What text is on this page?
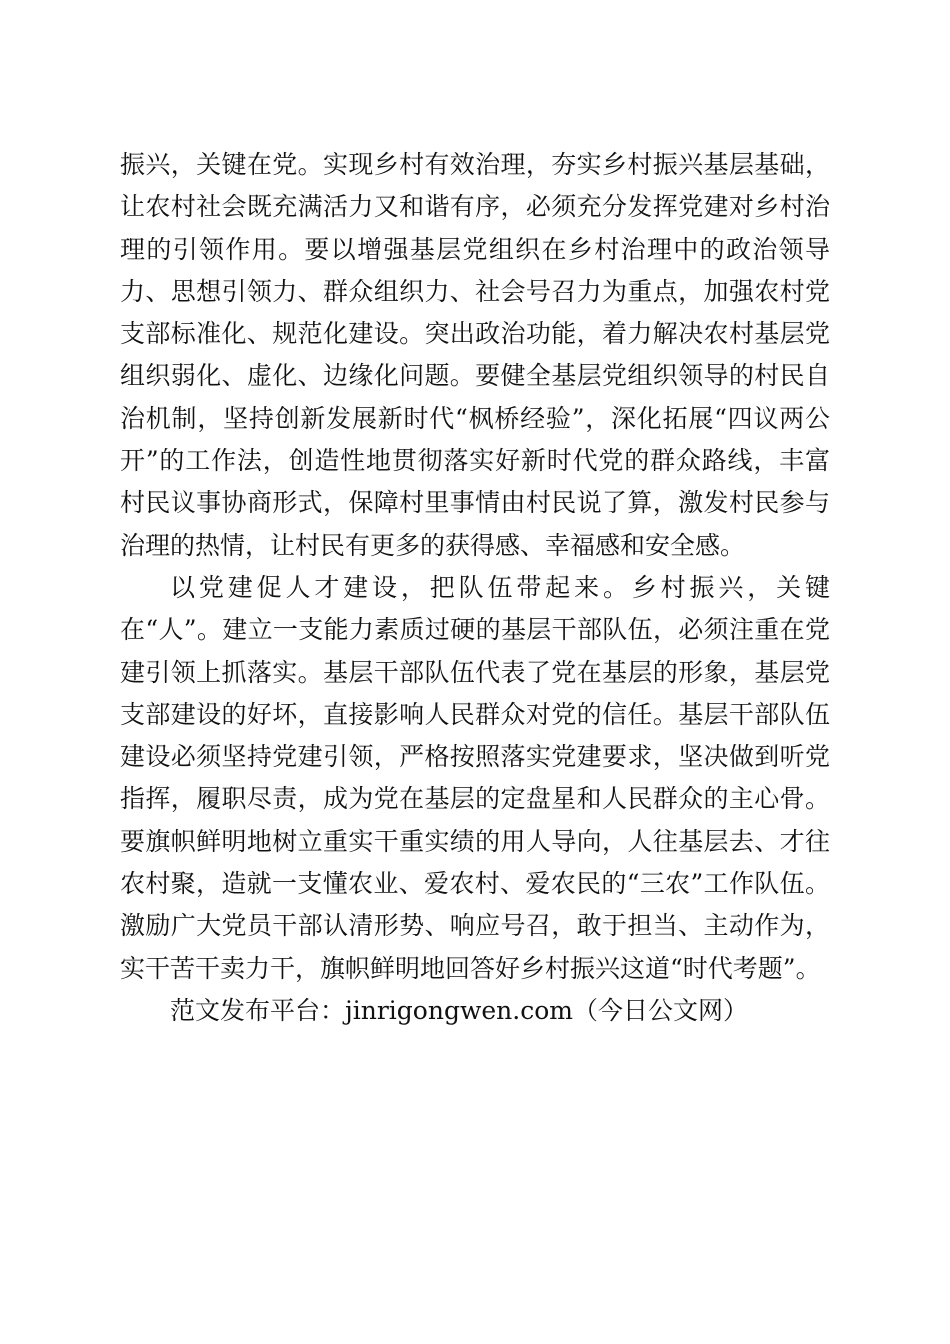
振兴，关键在党。实现乡村有效治理，夯实乡村振兴基层基础，让农村社会既充满活力又和谐有序，必须充分发挥党建对乡村治理的引领作用。要以增强基层党组织在乡村治理中的政治领导力、思想引领力、群众组织力、社会号召力为重点，加强农村党支部标准化、规范化建设。突出政治功能，着力解决农村基层党组织弱化、虚化、边缘化问题。要健全基层党组织领导的村民自治机制，坚持创新发展新时代“枫桥经验”，深化拓展“四议两公开”的工作法，创造性地贯彻落实好新时代党的群众路线，丰富村民议事协商形式，保障村里事情由村民说了算，激发村民参与治理的热情，让村民有更多的获得感、幸福感和安全感。

以党建促人才建设，把队伍带起来。乡村振兴，关键在“人”。建立一支能力素质过硬的基层干部队伍，必须注重在党建引领上抓落实。基层干部队伍代表了党在基层的形象，基层党支部建设的好坏，直接影响人民群众对党的信任。基层干部队伍建设必须坚持党建引领，严格按照落实党建要求，坚决做到听党指挥，履职尽责，成为党在基层的定盘星和人民群众的主心骨。要旗帜鲜明地树立重实干重实绩的用人导向，人往基层去、才往农村聚，造就一支懂农业、爱农村、爱农民的“三农”工作队伍。激励广大党员干部认清形势、响应号召，敢于担当、主动作为，实干苦干卖力干，旗帜鲜明地回答好乡村振兴这道“时代考题”。

范文发布平台：jinrigongwen.com（今日公文网）
